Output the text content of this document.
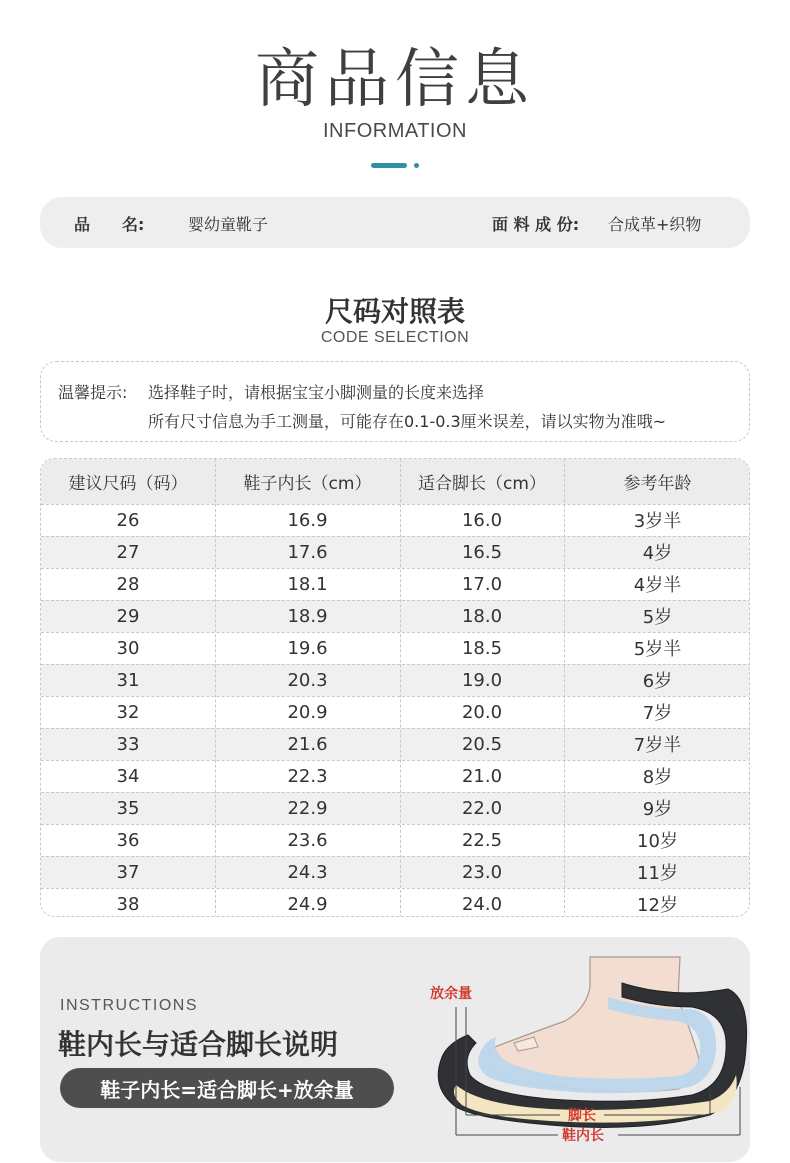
商品信息
INFORMATION
品　　名:	婴幼童靴子	面 料 成 份: 合成革+织物
尺码对照表
CODE SELECTION
温馨提示: 选择鞋子时，请根据宝宝小脚测量的长度来选择
所有尺寸信息为手工测量，可能存在0.1-0.3厘米误差，请以实物为准哦~
建议尺码（码）	鞋子内长（cm）	适合脚长（cm）	参考年龄
26	16.9	16.0	3岁半
27	17.6	16.5	4岁
28	18.1	17.0	4岁半
29	18.9	18.0	5岁
30	19.6	18.5	5岁半
31	20.3	19.0	6岁
32	20.9	20.0	7岁
33	21.6	20.5	7岁半
34	22.3	21.0	8岁
35	22.9	22.0	9岁
36	23.6	22.5	10岁
37	24.3	23.0	11岁
38	24.9	24.0	12岁
INSTRUCTIONS
鞋内长与适合脚长说明
鞋子内长=适合脚长+放余量
放余量
脚长
鞋内长
